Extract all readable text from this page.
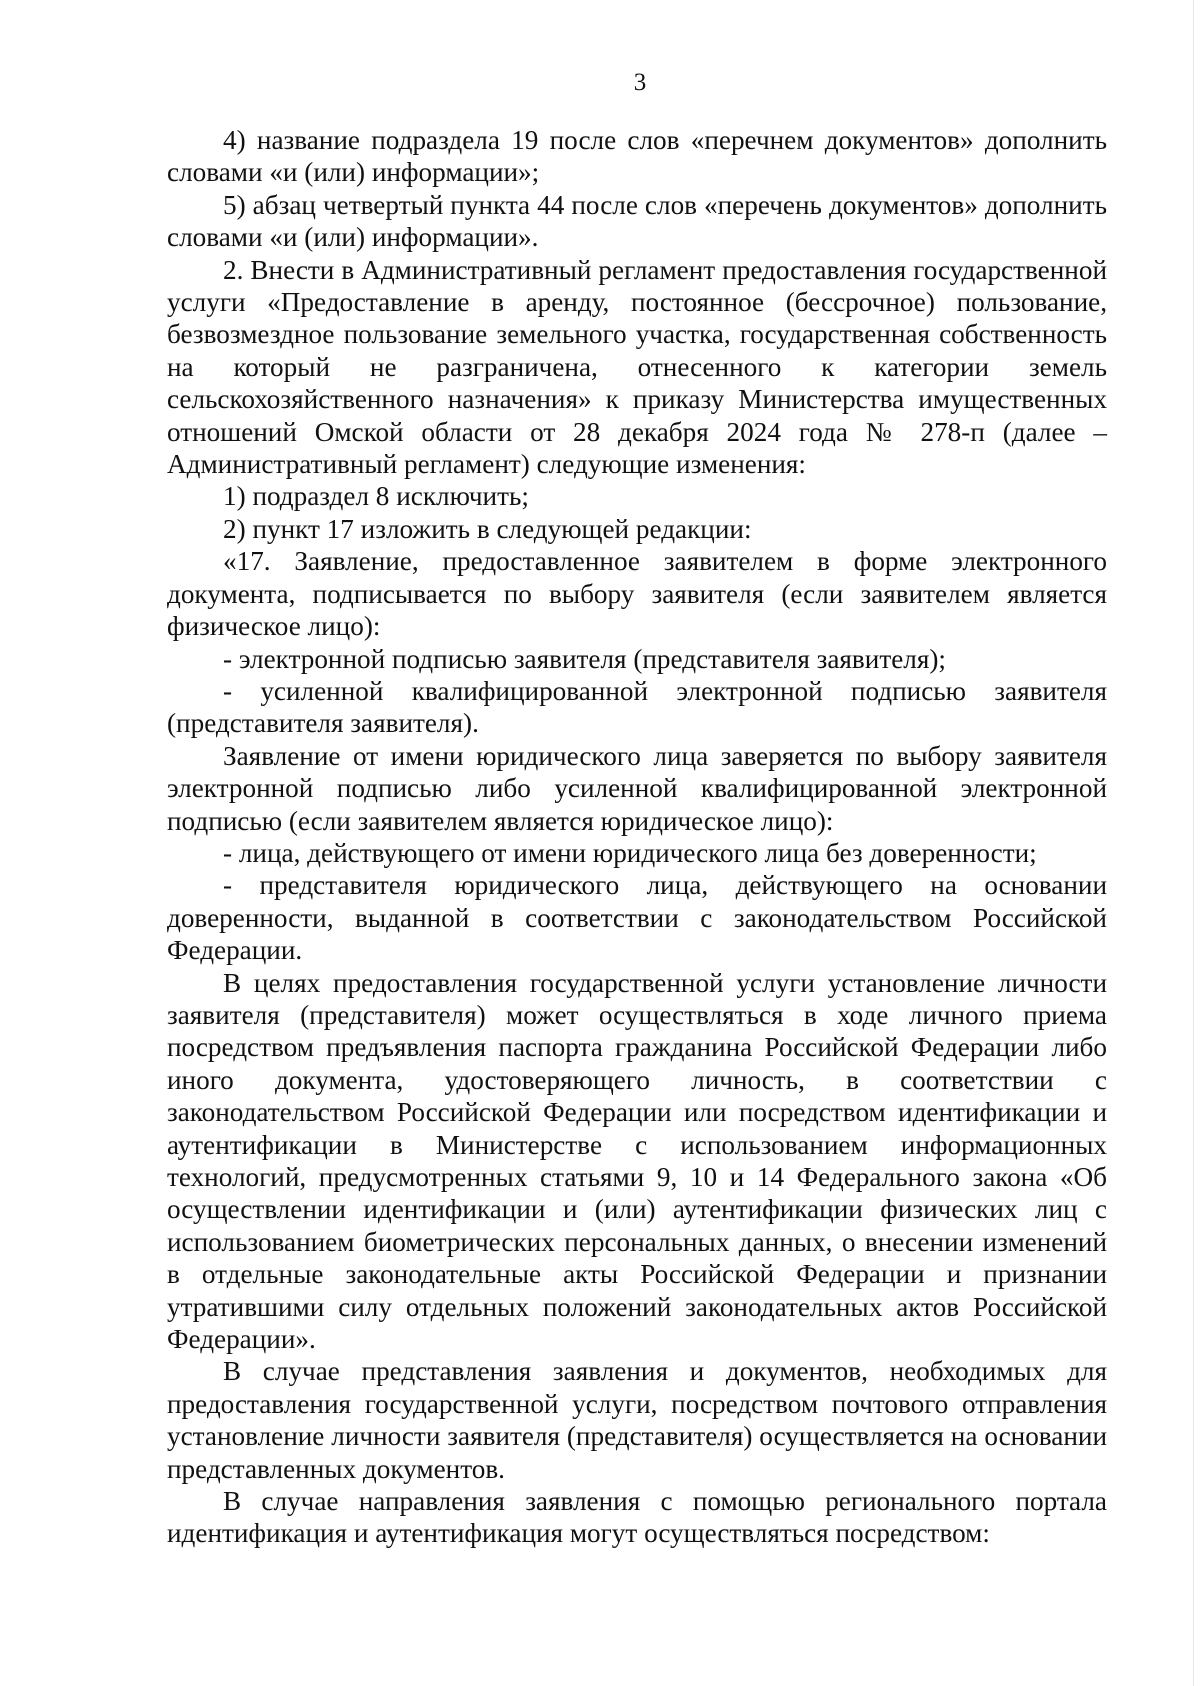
3

4) название подраздела 19 после слов «перечнем документов» дополнить словами «и (или) информации»;

5) абзац четвертый пункта 44 после слов «перечень документов» дополнить словами «и (или) информации».

2. Внести в Административный регламент предоставления государственной услуги «Предоставление в аренду, постоянное (бессрочное) пользование, безвозмездное пользование земельного участка, государственная собственность на который не разграничена, отнесенного к категории земель сельскохозяйственного назначения» к приказу Министерства имущественных отношений Омской области от 28 декабря 2024 года № 278-п (далее – Административный регламент) следующие изменения:

1) подраздел 8 исключить;

2) пункт 17 изложить в следующей редакции:

«17. Заявление, предоставленное заявителем в форме электронного документа, подписывается по выбору заявителя (если заявителем является физическое лицо):

- электронной подписью заявителя (представителя заявителя);

- усиленной квалифицированной электронной подписью заявителя (представителя заявителя).

Заявление от имени юридического лица заверяется по выбору заявителя электронной подписью либо усиленной квалифицированной электронной подписью (если заявителем является юридическое лицо):

- лица, действующего от имени юридического лица без доверенности;

- представителя юридического лица, действующего на основании доверенности, выданной в соответствии с законодательством Российской Федерации.

В целях предоставления государственной услуги установление личности заявителя (представителя) может осуществляться в ходе личного приема посредством предъявления паспорта гражданина Российской Федерации либо иного документа, удостоверяющего личность, в соответствии с законодательством Российской Федерации или посредством идентификации и аутентификации в Министерстве с использованием информационных технологий, предусмотренных статьями 9, 10 и 14 Федерального закона «Об осуществлении идентификации и (или) аутентификации физических лиц с использованием биометрических персональных данных, о внесении изменений в отдельные законодательные акты Российской Федерации и признании утратившими силу отдельных положений законодательных актов Российской Федерации».

В случае представления заявления и документов, необходимых для предоставления государственной услуги, посредством почтового отправления установление личности заявителя (представителя) осуществляется на основании представленных документов.

В случае направления заявления с помощью регионального портала идентификация и аутентификация могут осуществляться посредством:
